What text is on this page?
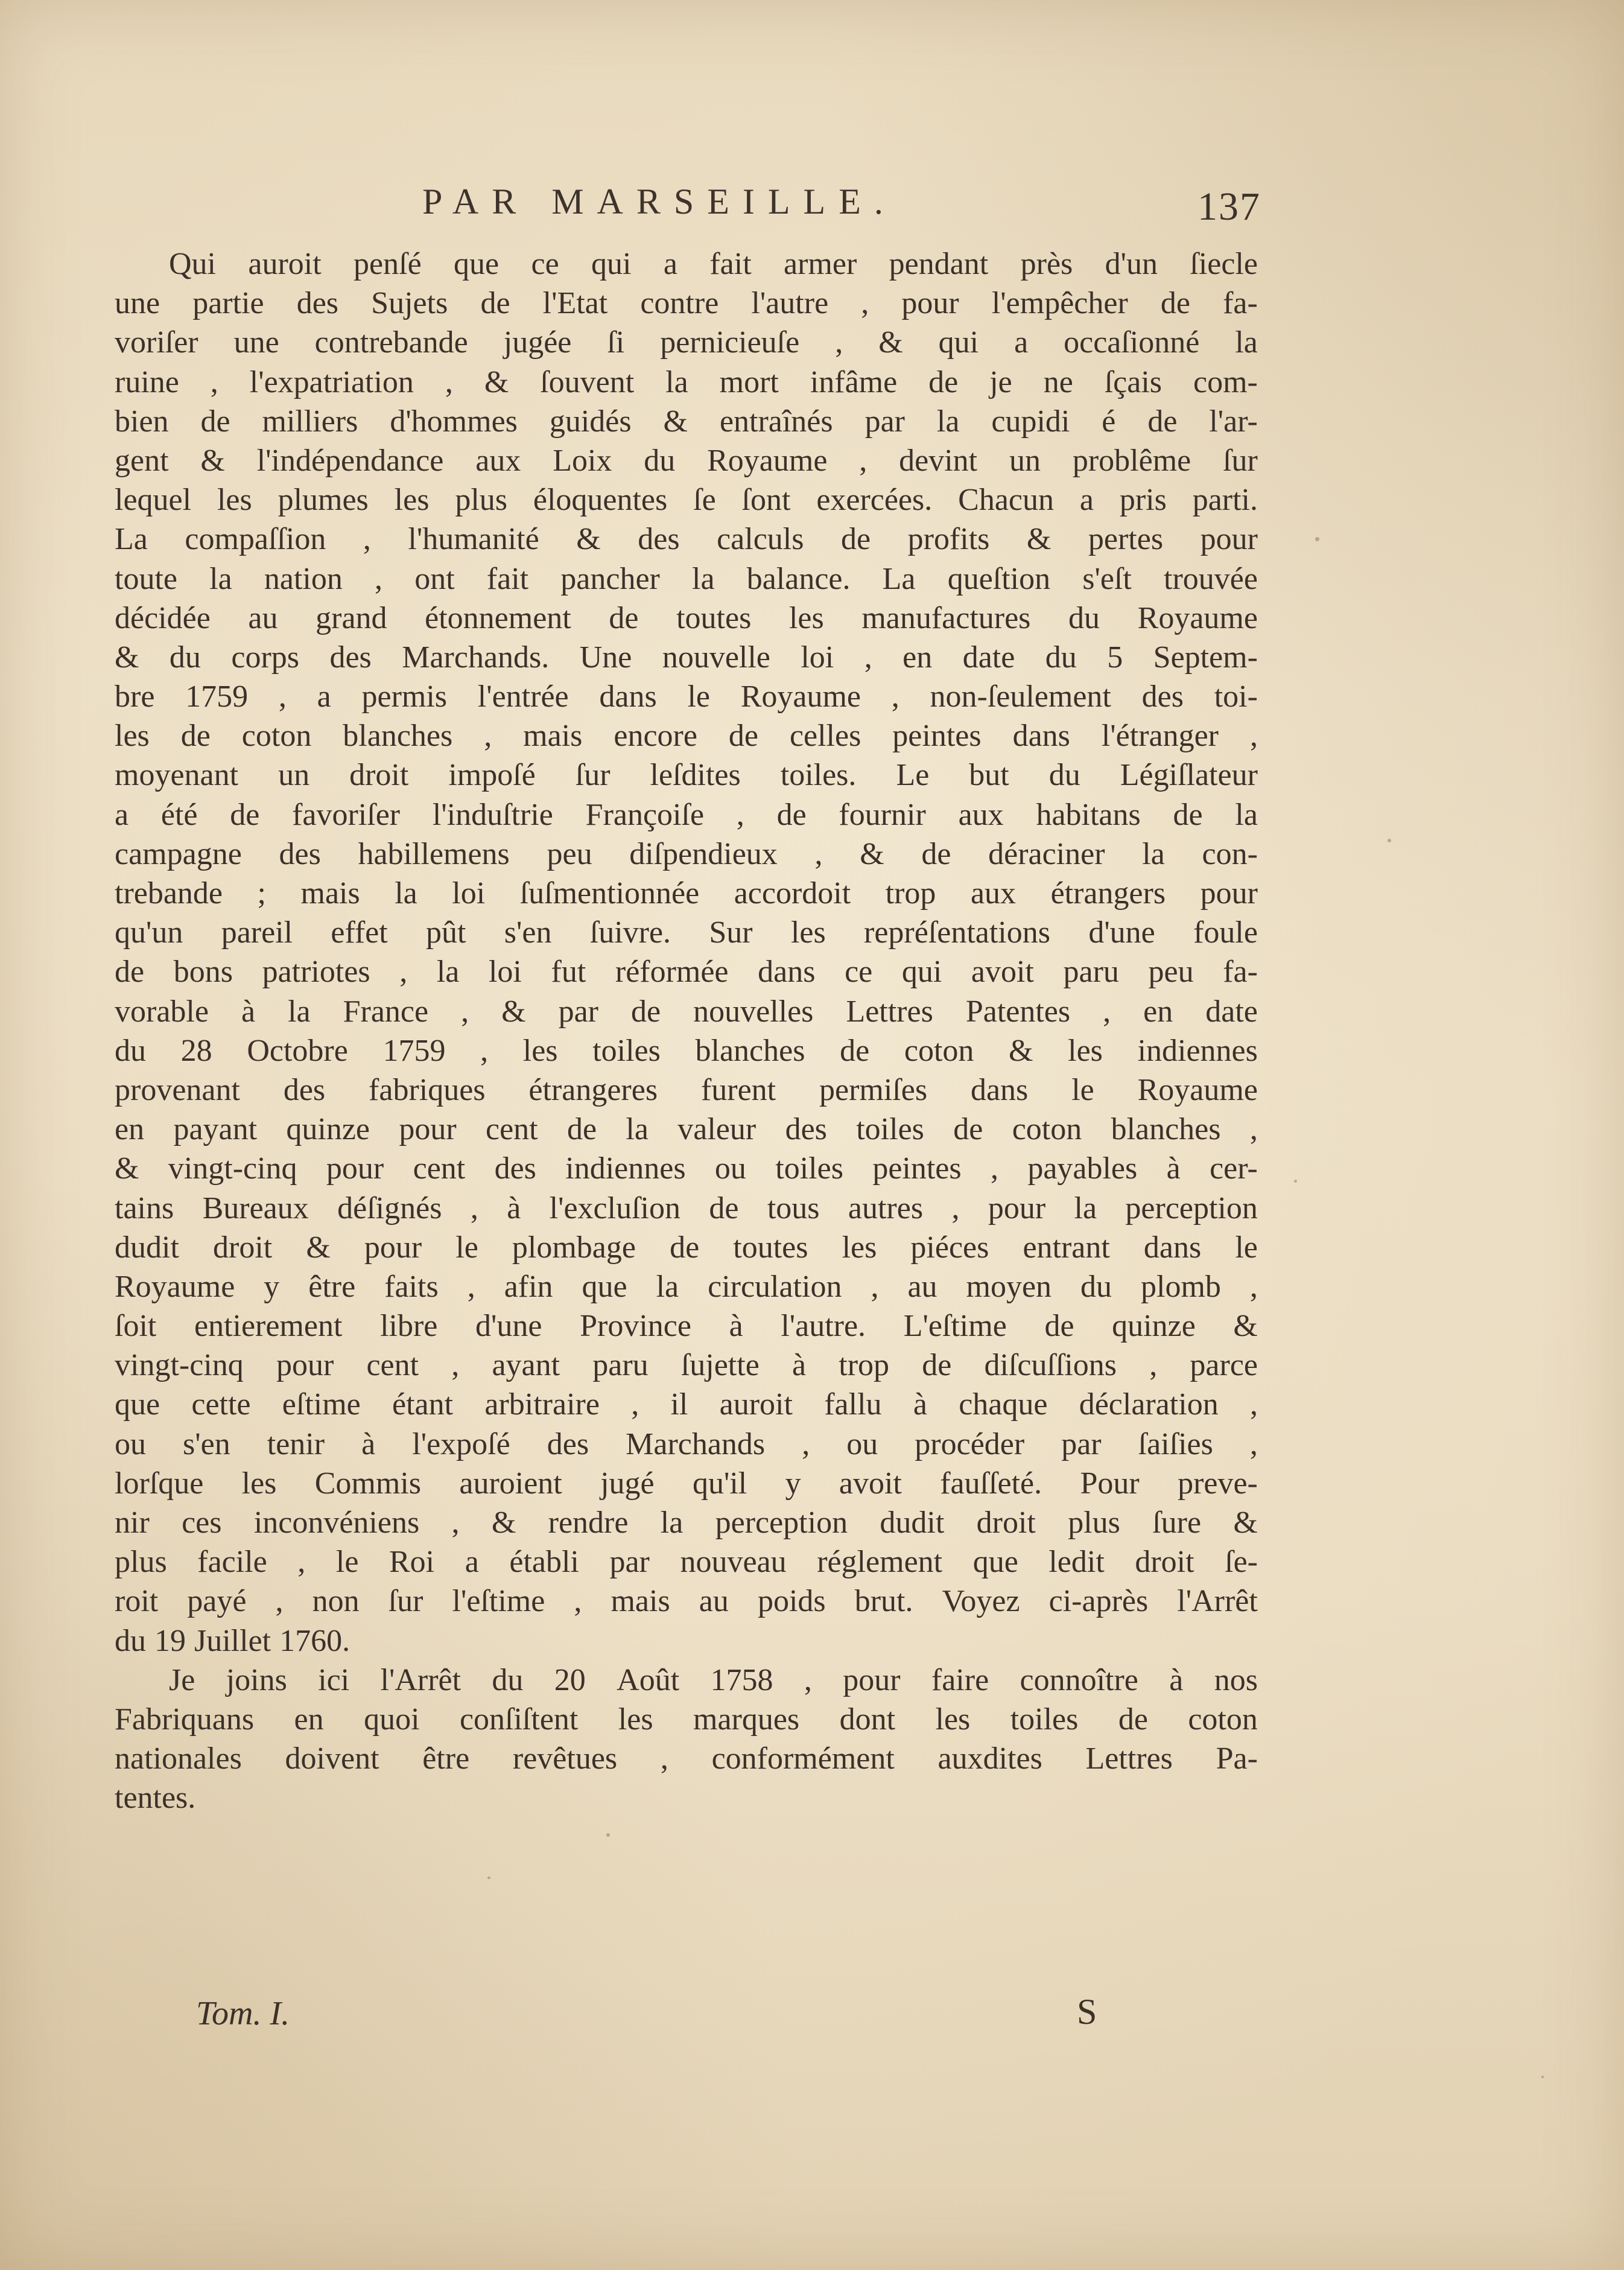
PAR MARSEILLE.	137
Qui auroit penſé que ce qui a fait armer pendant près d'un ſiecle
une partie des Sujets de l'Etat contre l'autre , pour l'empêcher de fa-
voriſer une contrebande jugée ſi pernicieuſe , & qui a occaſionné la
ruine , l'expatriation , & ſouvent la mort infâme de je ne ſçais com-
bien de milliers d'hommes guidés & entraînés par la cupidi é de l'ar-
gent & l'indépendance aux Loix du Royaume , devint un problême ſur
lequel les plumes les plus éloquentes ſe ſont exercées. Chacun a pris parti.
La compaſſion , l'humanité & des calculs de profits & pertes pour
toute la nation , ont fait pancher la balance. La queſtion s'eſt trouvée
décidée au grand étonnement de toutes les manufactures du Royaume
& du corps des Marchands. Une nouvelle loi , en date du 5 Septem-
bre 1759 , a permis l'entrée dans le Royaume , non-ſeulement des toi-
les de coton blanches , mais encore de celles peintes dans l'étranger ,
moyenant un droit impoſé ſur leſdites toiles. Le but du Légiſlateur
a été de favoriſer l'induſtrie Françoiſe , de fournir aux habitans de la
campagne des habillemens peu diſpendieux , & de déraciner la con-
trebande ; mais la loi ſuſmentionnée accordoit trop aux étrangers pour
qu'un pareil effet pût s'en ſuivre. Sur les repréſentations d'une foule
de bons patriotes , la loi fut réformée dans ce qui avoit paru peu fa-
vorable à la France , & par de nouvelles Lettres Patentes , en date
du 28 Octobre 1759 , les toiles blanches de coton & les indiennes
provenant des fabriques étrangeres furent permiſes dans le Royaume
en payant quinze pour cent de la valeur des toiles de coton blanches ,
& vingt-cinq pour cent des indiennes ou toiles peintes , payables à cer-
tains Bureaux déſignés , à l'excluſion de tous autres , pour la perception
dudit droit & pour le plombage de toutes les piéces entrant dans le
Royaume y être faits , afin que la circulation , au moyen du plomb ,
ſoit entierement libre d'une Province à l'autre. L'eſtime de quinze &
vingt-cinq pour cent , ayant paru ſujette à trop de diſcuſſions , parce
que cette eſtime étant arbitraire , il auroit fallu à chaque déclaration ,
ou s'en tenir à l'expoſé des Marchands , ou procéder par ſaiſies ,
lorſque les Commis auroient jugé qu'il y avoit fauſſeté. Pour preve-
nir ces inconvéniens , & rendre la perception dudit droit plus ſure &
plus facile , le Roi a établi par nouveau réglement que ledit droit ſe-
roit payé , non ſur l'eſtime , mais au poids brut. Voyez ci-après l'Arrêt
du 19 Juillet 1760.
Je joins ici l'Arrêt du 20 Août 1758 , pour faire connoître à nos
Fabriquans en quoi conſiſtent les marques dont les toiles de coton
nationales doivent être revêtues , conformément auxdites Lettres Pa-
tentes.
Tom. I.	S
